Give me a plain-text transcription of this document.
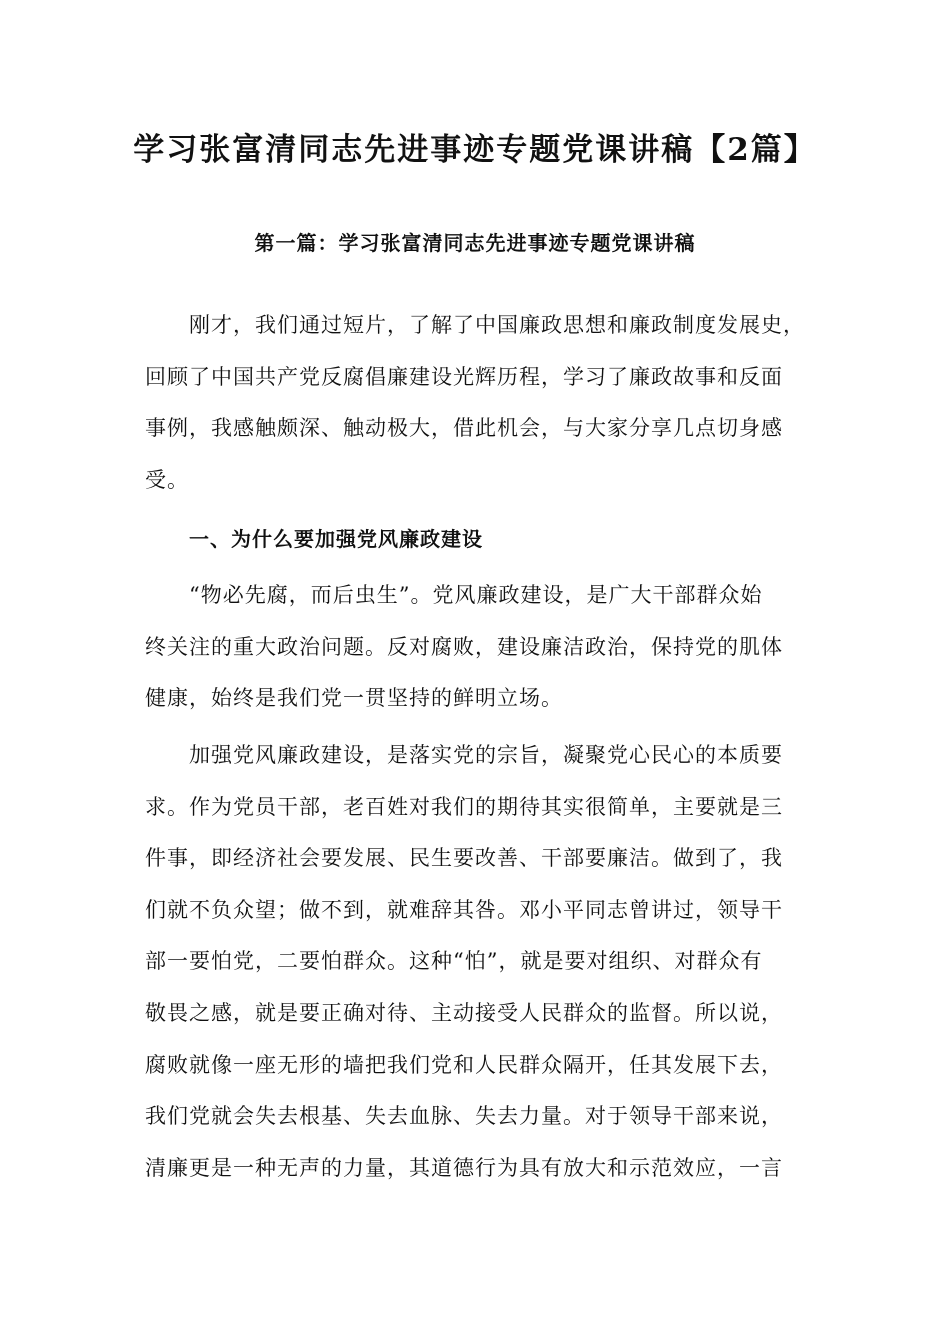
学习张富清同志先进事迹专题党课讲稿【2篇】
第一篇：学习张富清同志先进事迹专题党课讲稿
刚才，我们通过短片，了解了中国廉政思想和廉政制度发展史，
回顾了中国共产党反腐倡廉建设光辉历程，学习了廉政故事和反面
事例，我感触颇深、触动极大，借此机会，与大家分享几点切身感
受。
一、为什么要加强党风廉政建设
“物必先腐，而后虫生”。党风廉政建设，是广大干部群众始
终关注的重大政治问题。反对腐败，建设廉洁政治，保持党的肌体
健康，始终是我们党一贯坚持的鲜明立场。
加强党风廉政建设，是落实党的宗旨，凝聚党心民心的本质要
求。作为党员干部，老百姓对我们的期待其实很简单，主要就是三
件事，即经济社会要发展、民生要改善、干部要廉洁。做到了，我
们就不负众望；做不到，就难辞其咎。邓小平同志曾讲过，领导干
部一要怕党，二要怕群众。这种“怕”，就是要对组织、对群众有
敬畏之感，就是要正确对待、主动接受人民群众的监督。所以说，
腐败就像一座无形的墙把我们党和人民群众隔开，任其发展下去，
我们党就会失去根基、失去血脉、失去力量。对于领导干部来说，
清廉更是一种无声的力量，其道德行为具有放大和示范效应，一言
